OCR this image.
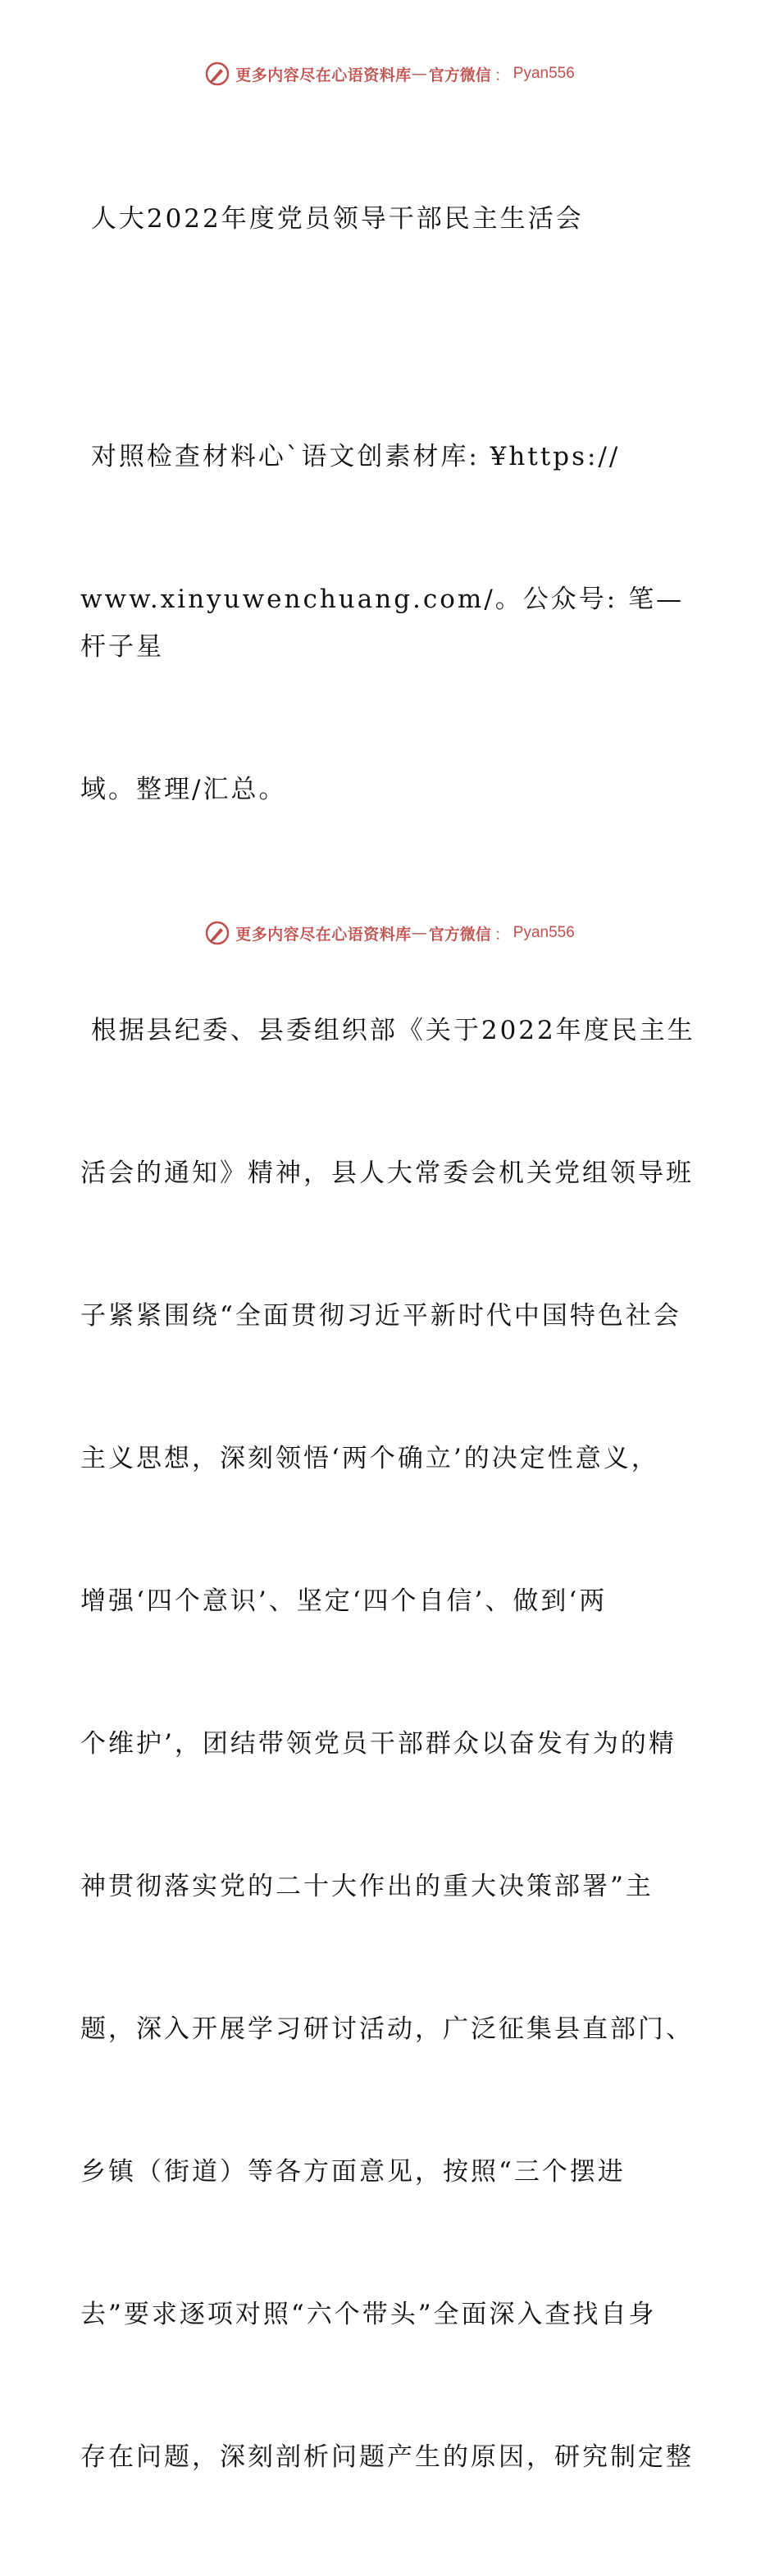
更多内容尽在心语资料库 — 官方微信 ： Pyan556

人大2022年度党员领导干部民主生活会

对照检查材料心`语文创素材库: ¥https://

www.xinyuwenchuang.com/。公众号: 笔—杆子星

域。整理/汇总。

根据县纪委、县委组织部《关于2022年度民主生

活会的通知》精神，县人大常委会机关党组领导班

子紧紧围绕“全面贯彻习近平新时代中国特色社会

主义思想，深刻领悟‘两个确立’的决定性意义，

增强‘四个意识’、坚定‘四个自信’、做到‘两

个维护’，团结带领党员干部群众以奋发有为的精

神贯彻落实党的二十大作出的重大决策部署”主

题，深入开展学习研讨活动，广泛征集县直部门、

乡镇（街道）等各方面意见，按照“三个摆进

去”要求逐项对照“六个带头”全面深入查找自身

存在问题，深刻剖析问题产生的原因，研究制定整

更多内容尽在心语资料库 — 官方微信 ： Pyan556
